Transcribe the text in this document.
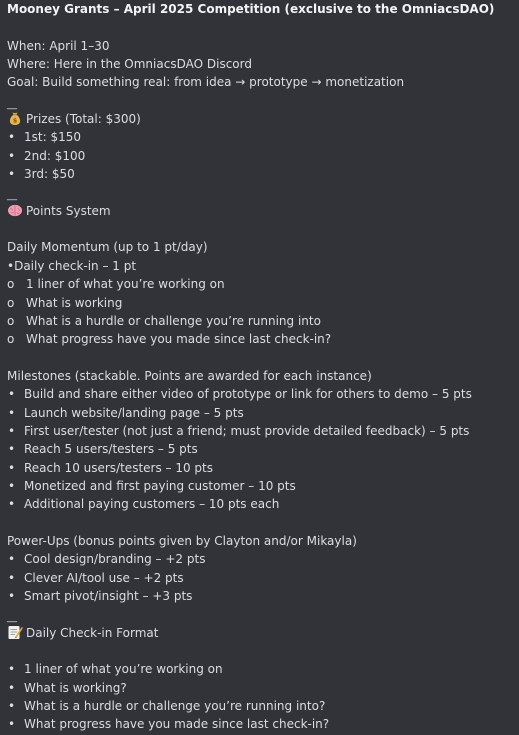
Mooney Grants – April 2025 Competition (exclusive to the OmniacsDAO)
When: April 1–30
Where: Here in the OmniacsDAO Discord
Goal: Build something real: from idea → prototype → monetization
__
$ Prizes (Total: $300)
• 1st: $150
• 2nd: $100
• 3rd: $50
__
Points System
Daily Momentum (up to 1 pt/day)
•Daily check-in – 1 pt
o 1 liner of what you’re working on
o What is working
o What is a hurdle or challenge you’re running into
o What progress have you made since last check-in?
Milestones (stackable. Points are awarded for each instance)
• Build and share either video of prototype or link for others to demo – 5 pts
• Launch website/landing page – 5 pts
• First user/tester (not just a friend; must provide detailed feedback) – 5 pts
• Reach 5 users/testers – 5 pts
• Reach 10 users/testers – 10 pts
• Monetized and first paying customer – 10 pts
• Additional paying customers – 10 pts each
Power-Ups (bonus points given by Clayton and/or Mikayla)
• Cool design/branding – +2 pts
• Clever AI/tool use – +2 pts
• Smart pivot/insight – +3 pts
__
Daily Check-in Format
• 1 liner of what you’re working on
• What is working?
• What is a hurdle or challenge you’re running into?
• What progress have you made since last check-in?
